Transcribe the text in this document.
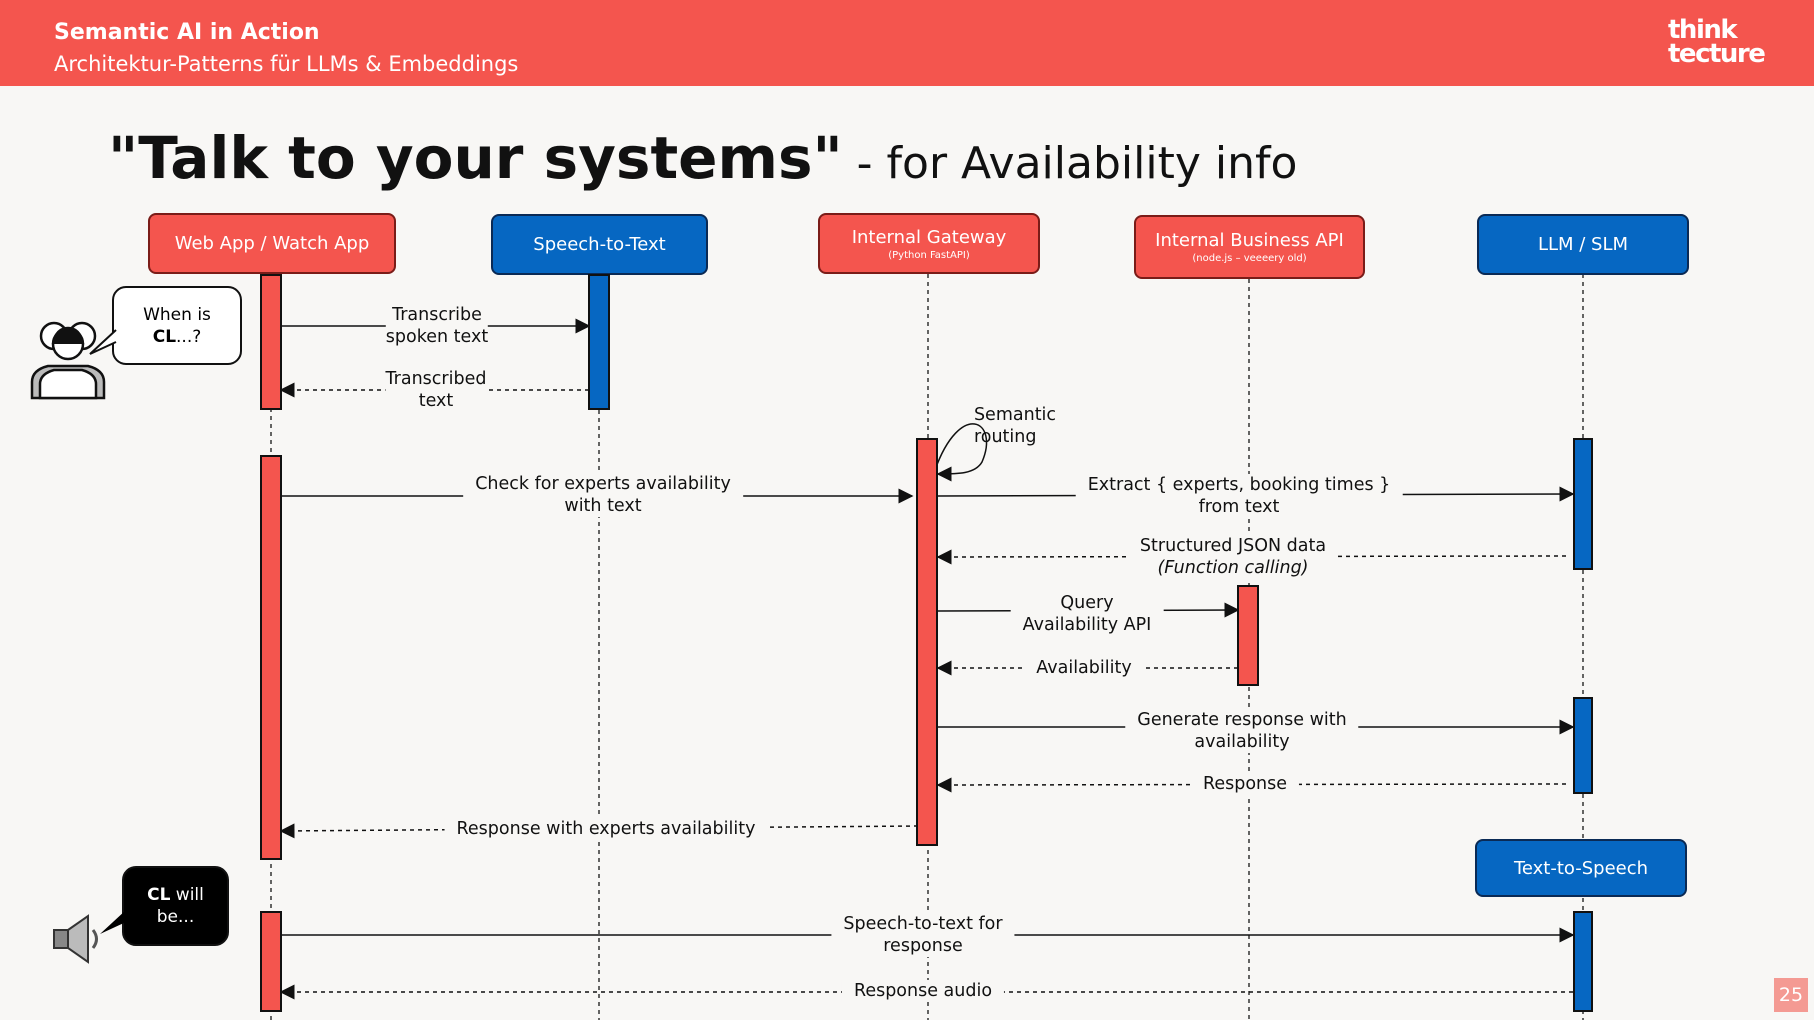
Semantic AI in Action
Architektur-Patterns für LLMs & Embeddings
think
tecture
"Talk to your systems" - for Availability info
Web App / Watch App	Speech-to-Text	Internal Gateway
(Python FastAPI)
Internal Business API
(node.js – veeeery old)
LLM / SLM
Text-to-Speech
Transcribe
spoken text
Transcribed
text
Semantic
routing
Check for experts availability
with text
Extract { experts, booking times }
from text
Structured JSON data
(Function calling)
Query
Availability API
Availability
Generate response with
availability
Response
Response with experts availability
Speech-to-text for
response
Response audio
When is
CL...?
CL will
be...
25
